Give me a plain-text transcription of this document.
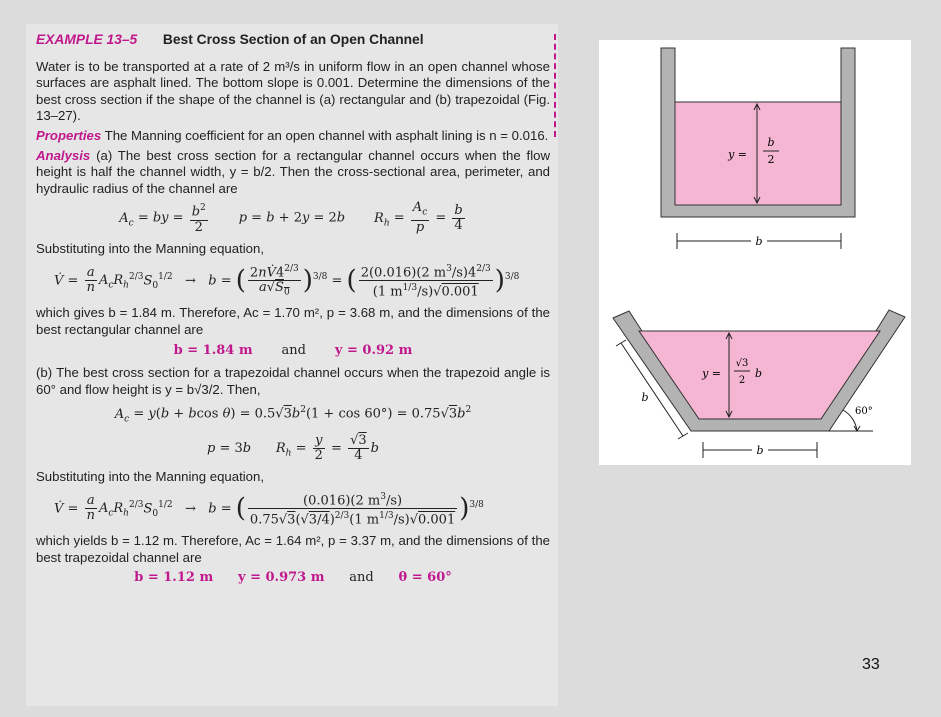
EXAMPLE 13–5 Best Cross Section of an Open Channel

Water is to be transported at a rate of 2 m³/s in uniform flow in an open channel whose surfaces are asphalt lined. The bottom slope is 0.001. Determine the dimensions of the best cross section if the shape of the channel is (a) rectangular and (b) trapezoidal (Fig. 13–27).

Properties The Manning coefficient for an open channel with asphalt lining is n = 0.016.

Analysis (a) The best cross section for a rectangular channel occurs when the flow height is half the channel width, y = b/2. Then the cross-sectional area, perimeter, and hydraulic radius of the channel are

$A_c$ = by = $\frac{b^2}{2}$ p = b + 2y = 2b $R_h = \frac{A_c}{p} = \frac{b}{4}$

Substituting into the Manning equation,

V̇ = $\frac{a}{n} A_cR_h^{2/3}S_0^{1/2} \to b$ = ( $\frac{2nV̇4^{2/3}}{a√S_0} )^{3/8}$ = ( $\frac{2(0.016)(2 m^3/s)4^{2/3}}{(1 m^{1/3}/s)√0.001} )^{3/8}$

which gives b = 1.84 m. Therefore, Ac = 1.70 m², p = 3.68 m, and the dimensions of the best rectangular channel are

b = 1.84 m and y = 0.92 m

(b) The best cross section for a trapezoidal channel occurs when the trapezoid angle is 60° and flow height is y = b√3/2. Then,

$A_c = y(b + bcos$ $\theta) = 0.5√3b^2(1 + \cos 60^\circ) = 0.75√3b^2$
p = 3b $R_h = \frac{y}{2} = \frac{√3}{4}$ b

Substituting into the Manning equation,

V̇ = $\frac{a}{n} A_cR_h^{2/3}S_0^{1/2} \to b$ = ( $\frac{(0.016)(2 m^3/s)}{0.75√3(√3/4)^{2/3}(1 m^{1/3}/s)√0.001} )^{3/8}$

which yields b = 1.12 m. Therefore, Ac = 1.64 m², p = 3.37 m, and the dimensions of the best trapezoidal channel are

b = 1.12 m y = 0.973 m and θ = 60°
y =
b
2
b
y =
√3
2
b
b
b
60°
33
